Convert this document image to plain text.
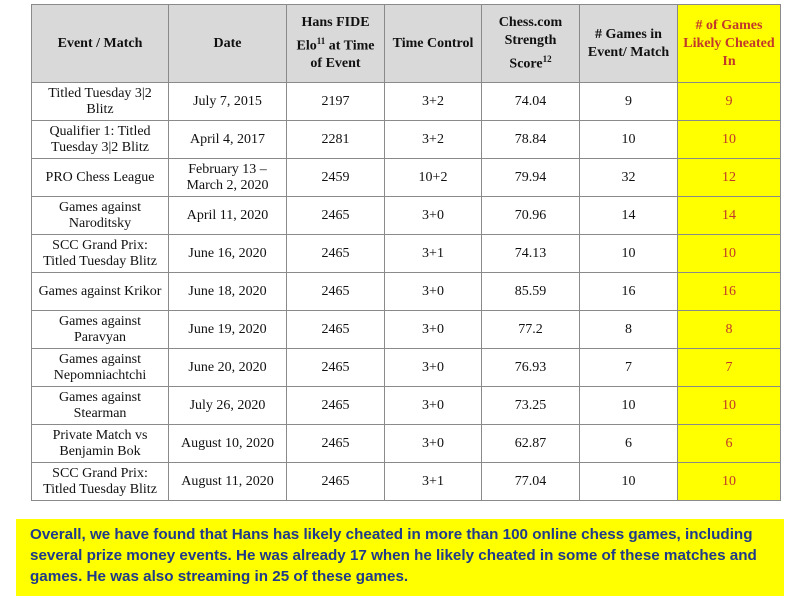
Event / Match	Date	Hans FIDE Elo$^{11}$ at Time of Event	Time Control	Chess.com Strength Score$^{12}$	# Games in Event/ Match	# of Games Likely Cheated In
Titled Tuesday 3|2 Blitz	July 7, 2015	2197	3+2	74.04	9	9
Qualifier 1: Titled Tuesday 3|2 Blitz	April 4, 2017	2281	3+2	78.84	10	10
PRO Chess League	February 13 – March 2, 2020	2459	10+2	79.94	32	12
Games against Naroditsky	April 11, 2020	2465	3+0	70.96	14	14
SCC Grand Prix: Titled Tuesday Blitz	June 16, 2020	2465	3+1	74.13	10	10
Games against Krikor	June 18, 2020	2465	3+0	85.59	16	16
Games against Paravyan	June 19, 2020	2465	3+0	77.2	8	8
Games against Nepomniachtchi	June 20, 2020	2465	3+0	76.93	7	7
Games against Stearman	July 26, 2020	2465	3+0	73.25	10	10
Private Match vs Benjamin Bok	August 10, 2020	2465	3+0	62.87	6	6
SCC Grand Prix: Titled Tuesday Blitz	August 11, 2020	2465	3+1	77.04	10	10
Overall, we have found that Hans has likely cheated in more than 100 online chess games, including several prize money events. He was already 17 when he likely cheated in some of these matches and games. He was also streaming in 25 of these games.
